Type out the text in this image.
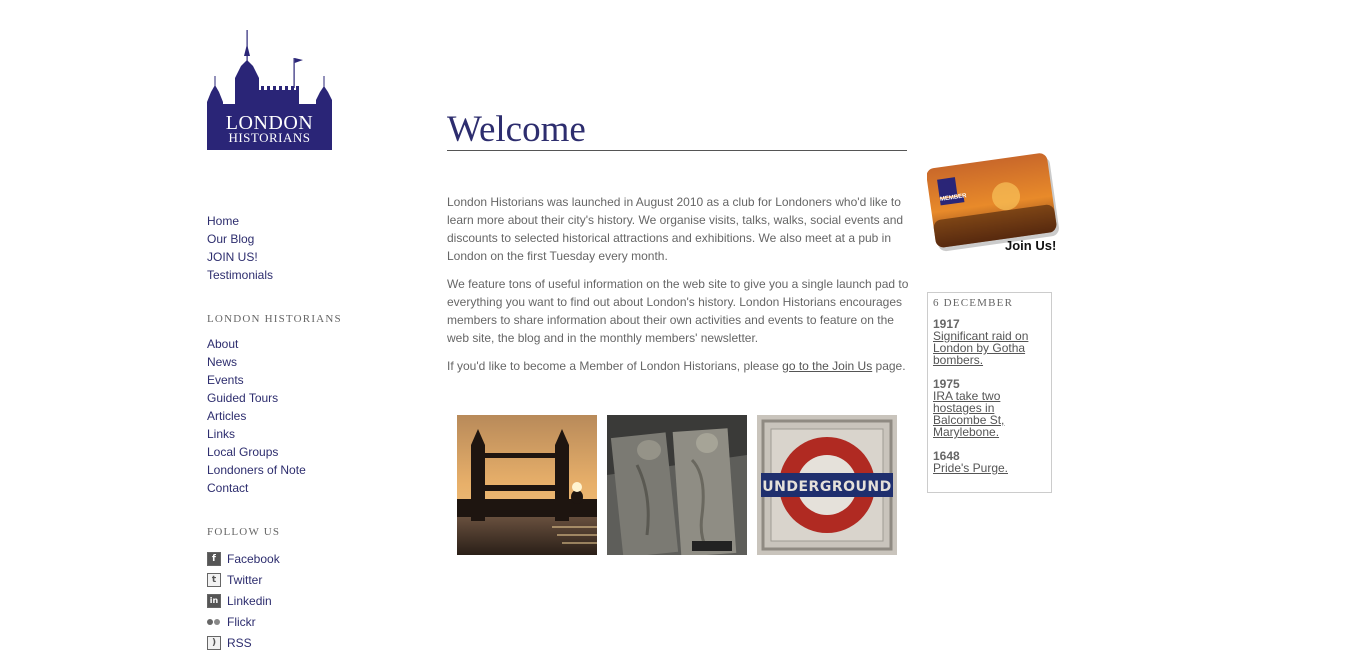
LONDON
HISTORIANS
Home
Our Blog
JOIN US!
Testimonials
LONDON HISTORIANS
About
News
Events
Guided Tours
Articles
Links
Local Groups
Londoners of Note
Contact
FOLLOW US
f Facebook
t Twitter
in Linkedin
Flickr
) RSS
Welcome

London Historians was launched in August 2010 as a club for Londoners who'd like to learn more about their city's history. We organise visits, talks, walks, social events and discounts to selected historical attractions and exhibitions. We also meet at a pub in London on the first Tuesday every month.

We feature tons of useful information on the web site to give you a single launch pad to everything you want to find out about London's history. London Historians encourages members to share information about their own activities and events to feature on the web site, the blog and in the monthly members' newsletter.

If you'd like to become a Member of London Historians, please go to the Join Us page.

UNDERGROUND
MEMBER
Join Us!
6 DECEMBER
1917
Significant raid on London by Gotha bombers.
1975
IRA take two hostages in Balcombe St, Marylebone.
1648
Pride's Purge.
